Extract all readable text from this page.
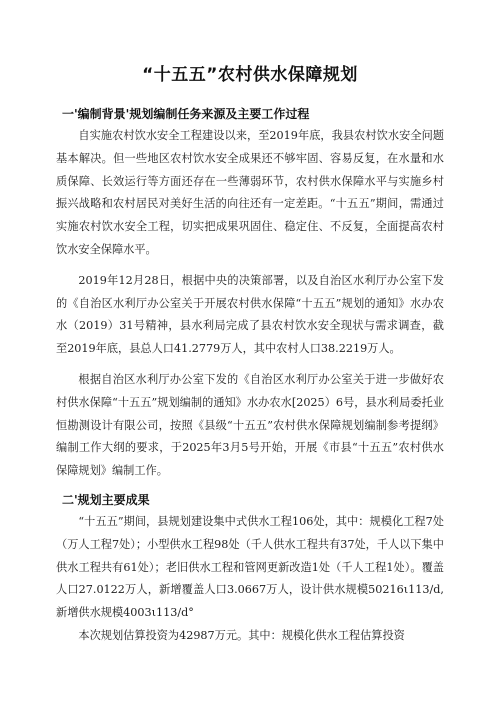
“十五五”农村供水保障规划
一'编制背景'规划编制任务来源及主要工作过程

自实施农村饮水安全工程建设以来，至2019年底，我县农村饮水安全问题基本解决。但一些地区农村饮水安全成果还不够牢固、容易反复，在水量和水质保障、长效运行等方面还存在一些薄弱环节，农村供水保障水平与实施乡村振兴战略和农村居民对美好生活的向往还有一定差距。“十五五”期间，需通过实施农村饮水安全工程，切实把成果巩固住、稳定住、不反复，全面提高农村饮水安全保障水平。

2019年12月28日，根据中央的决策部署，以及自治区水利厅办公室下发的《自治区水利厅办公室关于开展农村供水保障“十五五”规划的通知》水办农水（2019）31号精神，县水利局完成了县农村饮水安全现状与需求调查，截至2019年底，县总人口41.2779万人，其中农村人口38.2219万人。

根据自治区水利厅办公室下发的《自治区水利厅办公室关于进一步做好农村供水保障“十五五”规划编制的通知》水办农水[2025）6号，县水利局委托业恒勘测设计有限公司，按照《县级“十五五”农村供水保障规划编制参考提纲》编制工作大纲的要求，于2025年3月5号开始，开展《市县“十五五”农村供水保障规划》编制工作。

二'规划主要成果

“十五五”期间，县规划建设集中式供水工程106处，其中：规模化工程7处（万人工程7处）；小型供水工程98处（千人供水工程共有37处，千人以下集中供水工程共有61处）；老旧供水工程和管网更新改造1处（千人工程1处）。覆盖人口27.0122万人，新增覆盖人口3.0667万人，设计供水规模50216ι113∕d,新增供水规模4003ι113∕d°

本次规划估算投资为42987万元。其中：规模化供水工程估算投资
